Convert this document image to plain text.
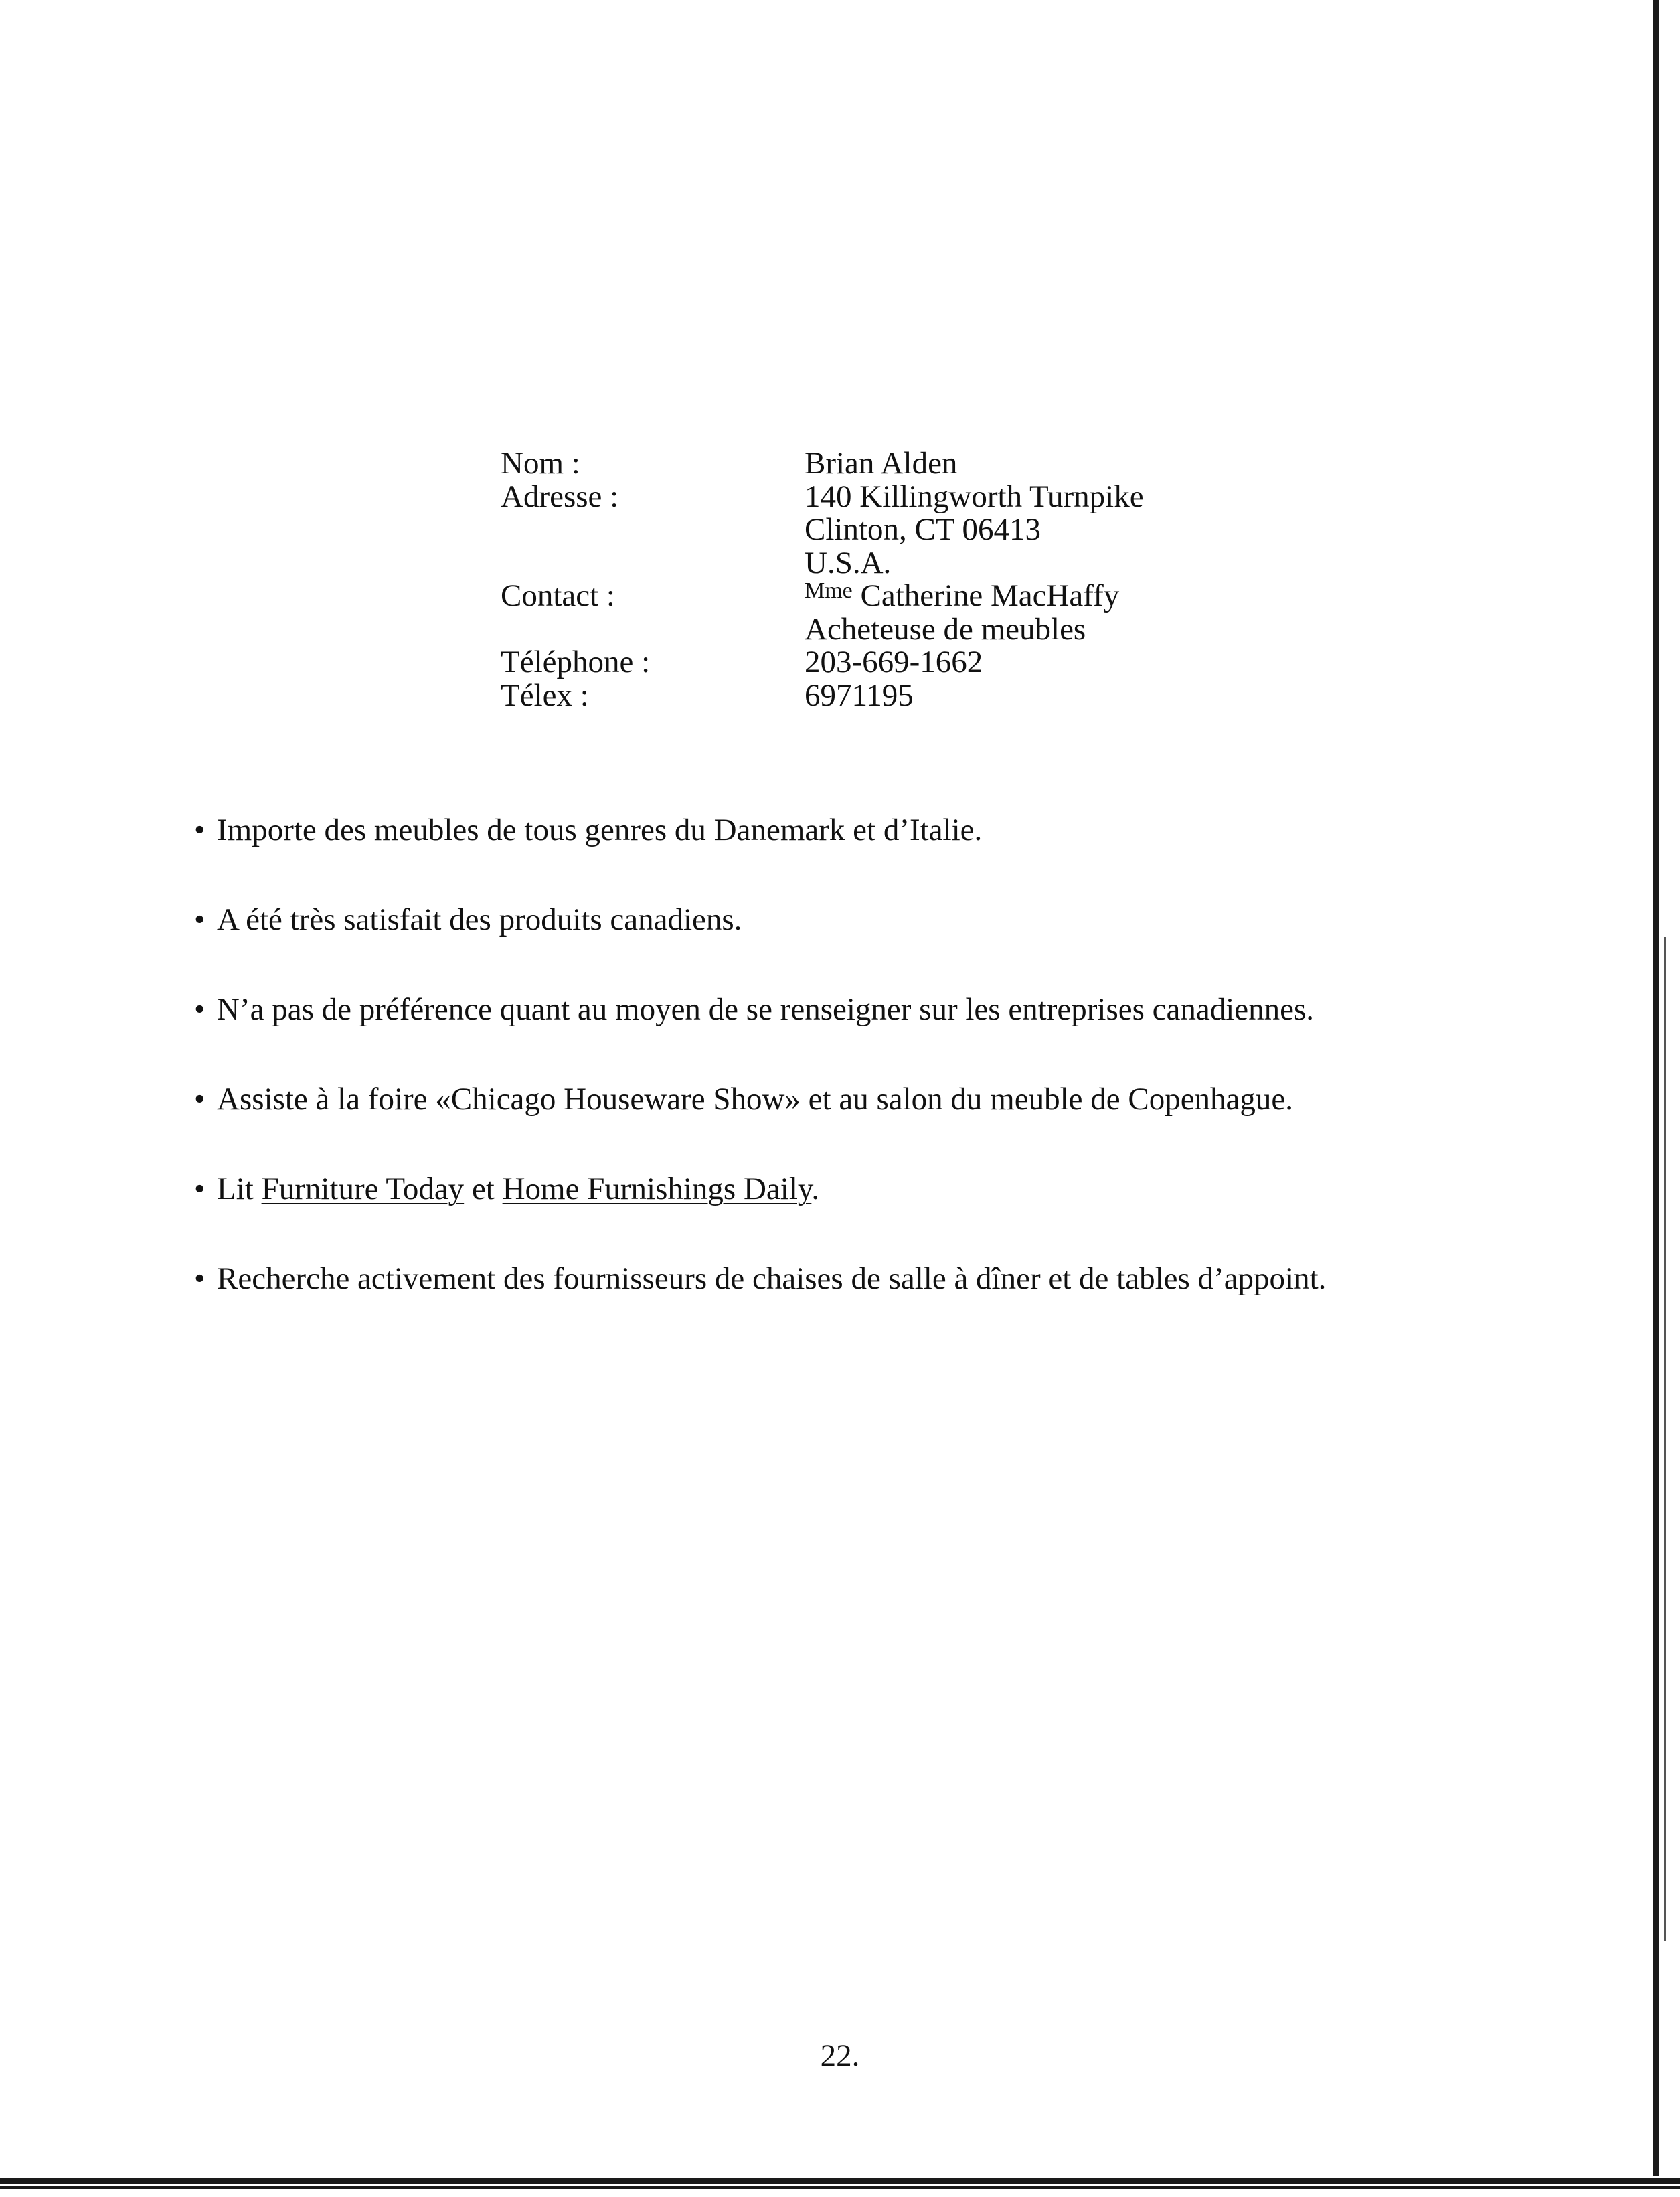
Nom :	Brian Alden
Adresse :	140 Killingworth Turnpike
Clinton, CT 06413
U.S.A.
Contact :	$^{Mme}$ Catherine MacHaffy
Acheteuse de meubles
Téléphone :	203-669-1662
Télex :	6971195
• Importe des meubles de tous genres du Danemark et d’Italie.
• A été très satisfait des produits canadiens.
• N’a pas de préférence quant au moyen de se renseigner sur les entreprises canadiennes.
• Assiste à la foire «Chicago Houseware Show» et au salon du meuble de Copenhague.
• Lit Furniture Today et Home Furnishings Daily.
• Recherche activement des fournisseurs de chaises de salle à dîner et de tables d’appoint.
22.
